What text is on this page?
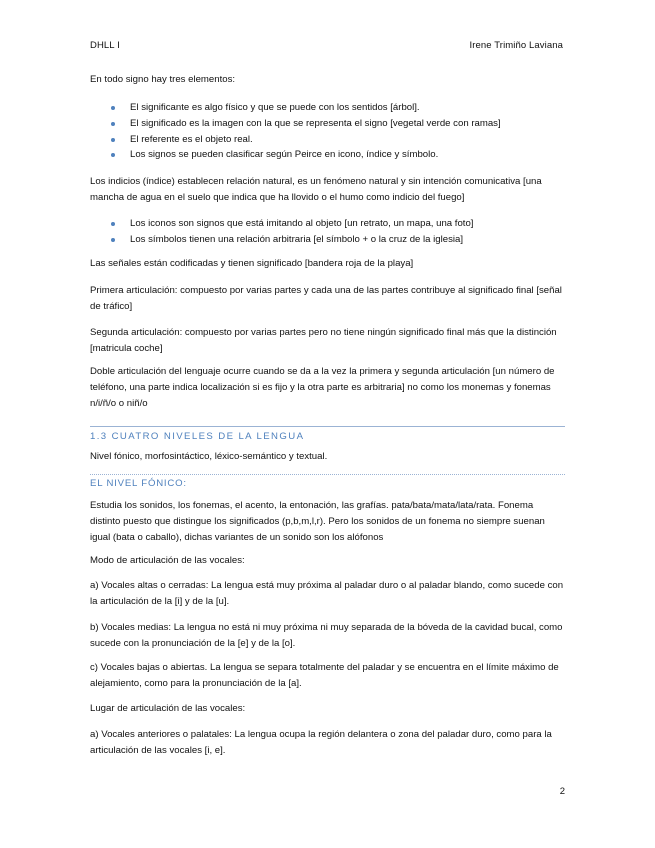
DHLL I	Irene Trimiño Laviana

En todo signo hay tres elementos:

El significante es algo físico y que se puede con los sentidos [árbol].
El significado es la imagen con la que se representa el signo [vegetal verde con ramas]
El referente es el objeto real.
Los signos se pueden clasificar según Peirce en icono, índice y símbolo.

Los indicios (índice) establecen relación natural, es un fenómeno natural y sin intención comunicativa [una mancha de agua en el suelo que indica que ha llovido o el humo como indicio del fuego]

Los iconos son signos que está imitando al objeto [un retrato, un mapa, una foto]
Los símbolos tienen una relación arbitraria [el símbolo + o la cruz de la iglesia]

Las señales están codificadas y tienen significado [bandera roja de la playa]

Primera articulación: compuesto por varias partes y cada una de las partes contribuye al significado final [señal de tráfico]

Segunda articulación: compuesto por varias partes pero no tiene ningún significado final más que la distinción [matricula coche]

Doble articulación del lenguaje ocurre cuando se da a la vez la primera y segunda articulación [un número de teléfono, una parte indica localización si es fijo y la otra parte es arbitraria] no como los monemas y fonemas n/i/ñ/o o niñ/o

1.3 CUATRO NIVELES DE LA LENGUA

Nivel fónico, morfosintáctico, léxico-semántico y textual.

EL NIVEL FÓNICO:

Estudia los sonidos, los fonemas, el acento, la entonación, las grafías. pata/bata/mata/lata/rata. Fonema distinto puesto que distingue los significados (p,b,m,l,r). Pero los sonidos de un fonema no siempre suenan igual (bata o caballo), dichas variantes de un sonido son los alófonos

Modo de articulación de las vocales:

a) Vocales altas o cerradas: La lengua está muy próxima al paladar duro o al paladar blando, como sucede con la articulación de la [i] y de la [u].

b) Vocales medias: La lengua no está ni muy próxima ni muy separada de la bóveda de la cavidad bucal, como sucede con la pronunciación de la [e] y de la [o].

c) Vocales bajas o abiertas. La lengua se separa totalmente del paladar y se encuentra en el límite máximo de alejamiento, como para la pronunciación de la [a].

Lugar de articulación de las vocales:

a) Vocales anteriores o palatales: La lengua ocupa la región delantera o zona del paladar duro, como para la articulación de las vocales [i, e].

2
